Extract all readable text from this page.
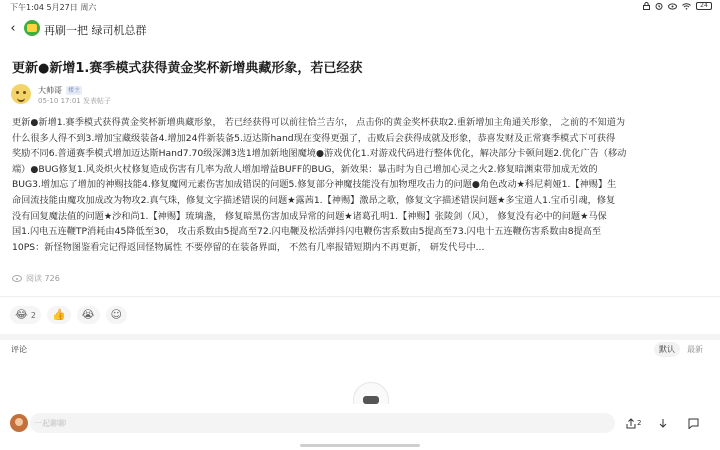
下午1:04 5月27日 周六	24
‹	再刷一把 绿司机总群
更新●新增1.赛季模式获得黄金奖杯新增典藏形象，若已经获
大帅哥	楼主
05-10 17:01 发表帖子
更新●新增1.赛季模式获得黄金奖杯新增典藏形象， 若已经获得可以前往恰兰吉尔， 点击你的黄金奖杯获取2.重新增加主角通关形象， 之前的不知道为
什么很多人得不到3.增加宝藏级装备4.增加24件新装备5.迈达斯hand现在变得更强了，击败后会获得成就及形象，恭喜发财及正常赛季模式下可获得
奖励不同6.普通赛季模式增加迈达斯Hand7.70级深渊3选1增加新地图魔境●游戏优化1.对游戏代码进行整体优化，解决部分卡顿问题2.优化广告（移动
端）●BUG修复1.风炎炽火杖修复造成伤害有几率为敌人增加增益BUFF的BUG，新效果：暴击时为自己增加心灵之火2.修复暗渊束带加成无效的
BUG3.增加忘了增加的神赐技能4.修复魔网元素伤害加成错误的问题5.修复部分神魔技能没有加物理攻击力的问题●角色改动★科尼莉娅1.【神赐】生
命回流技能由魔攻加成改为物攻2.真气珠，修复文字描述错误的问题★露茜1.【神赐】激昂之歌，修复文字描述错误问题★多宝道人1.宝币引魂，修复
没有回复魔法值的问题★沙和尚1.【神赐】琉璃盏， 修复暗黑伤害加成异常的问题★诸葛孔明1.【神赐】张陵剑（风）， 修复没有必中的问题★马保
国1.闪电五连鞭TP消耗由45降低至30， 攻击系数由5提高至72.闪电鞭及松活弹抖闪电鞭伤害系数由5提高至73.闪电十五连鞭伤害系数由8提高至
10PS：新怪物图鉴看完记得返回怪物属性 不要停留的在装备界面， 不然有几率报错短期内不再更新， 研发代号中...
阅读 726
😂 2 👍 😭 ☺
评论	默认	最新
一起聊聊
2
